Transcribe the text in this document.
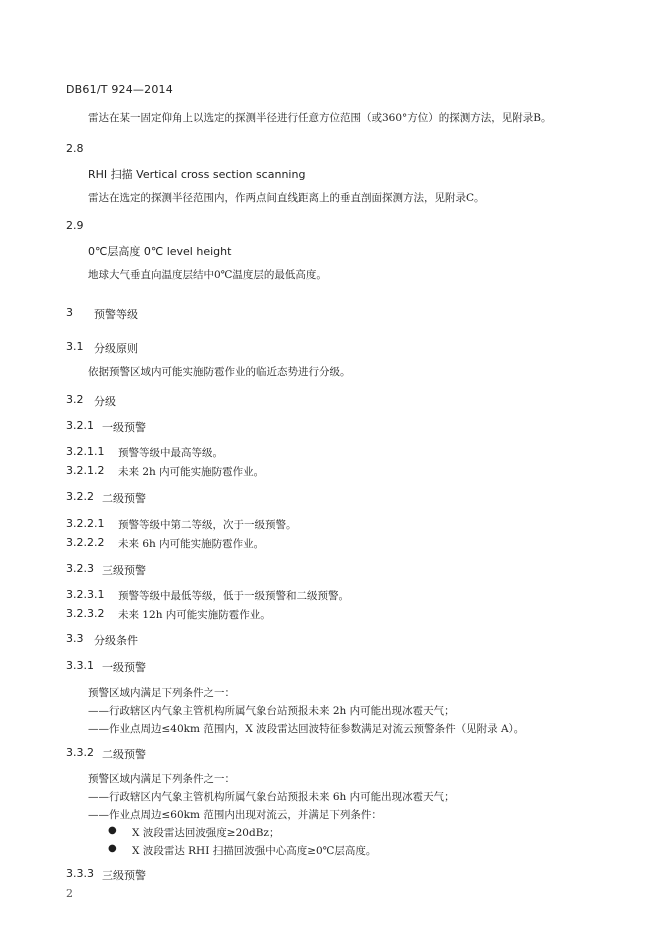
DB61/T 924—2014
雷达在某一固定仰角上以选定的探测半径进行任意方位范围（或360°方位）的探测方法，见附录B。
2.8
RHI 扫描 Vertical cross section scanning
雷达在选定的探测半径范围内，作两点间直线距离上的垂直剖面探测方法，见附录C。
2.9
0℃层高度 0℃ level height
地球大气垂直向温度层结中0℃温度层的最低高度。
3 预警等级
3.1 分级原则
依据预警区域内可能实施防雹作业的临近态势进行分级。
3.2 分级
3.2.1 一级预警
3.2.1.1 预警等级中最高等级。
3.2.1.2 未来 2h 内可能实施防雹作业。
3.2.2 二级预警
3.2.2.1 预警等级中第二等级，次于一级预警。
3.2.2.2 未来 6h 内可能实施防雹作业。
3.2.3 三级预警
3.2.3.1 预警等级中最低等级，低于一级预警和二级预警。
3.2.3.2 未来 12h 内可能实施防雹作业。
3.3 分级条件
3.3.1 一级预警
预警区域内满足下列条件之一：
——行政辖区内气象主管机构所属气象台站预报未来 2h 内可能出现冰雹天气；
——作业点周边≤40km 范围内，X 波段雷达回波特征参数满足对流云预警条件（见附录 A）。
3.3.2 二级预警
预警区域内满足下列条件之一：
——行政辖区内气象主管机构所属气象台站预报未来 6h 内可能出现冰雹天气；
——作业点周边≤60km 范围内出现对流云，并满足下列条件：
● X 波段雷达回波强度≥20dBz；
● X 波段雷达 RHI 扫描回波强中心高度≥0℃层高度。
3.3.3 三级预警
2
